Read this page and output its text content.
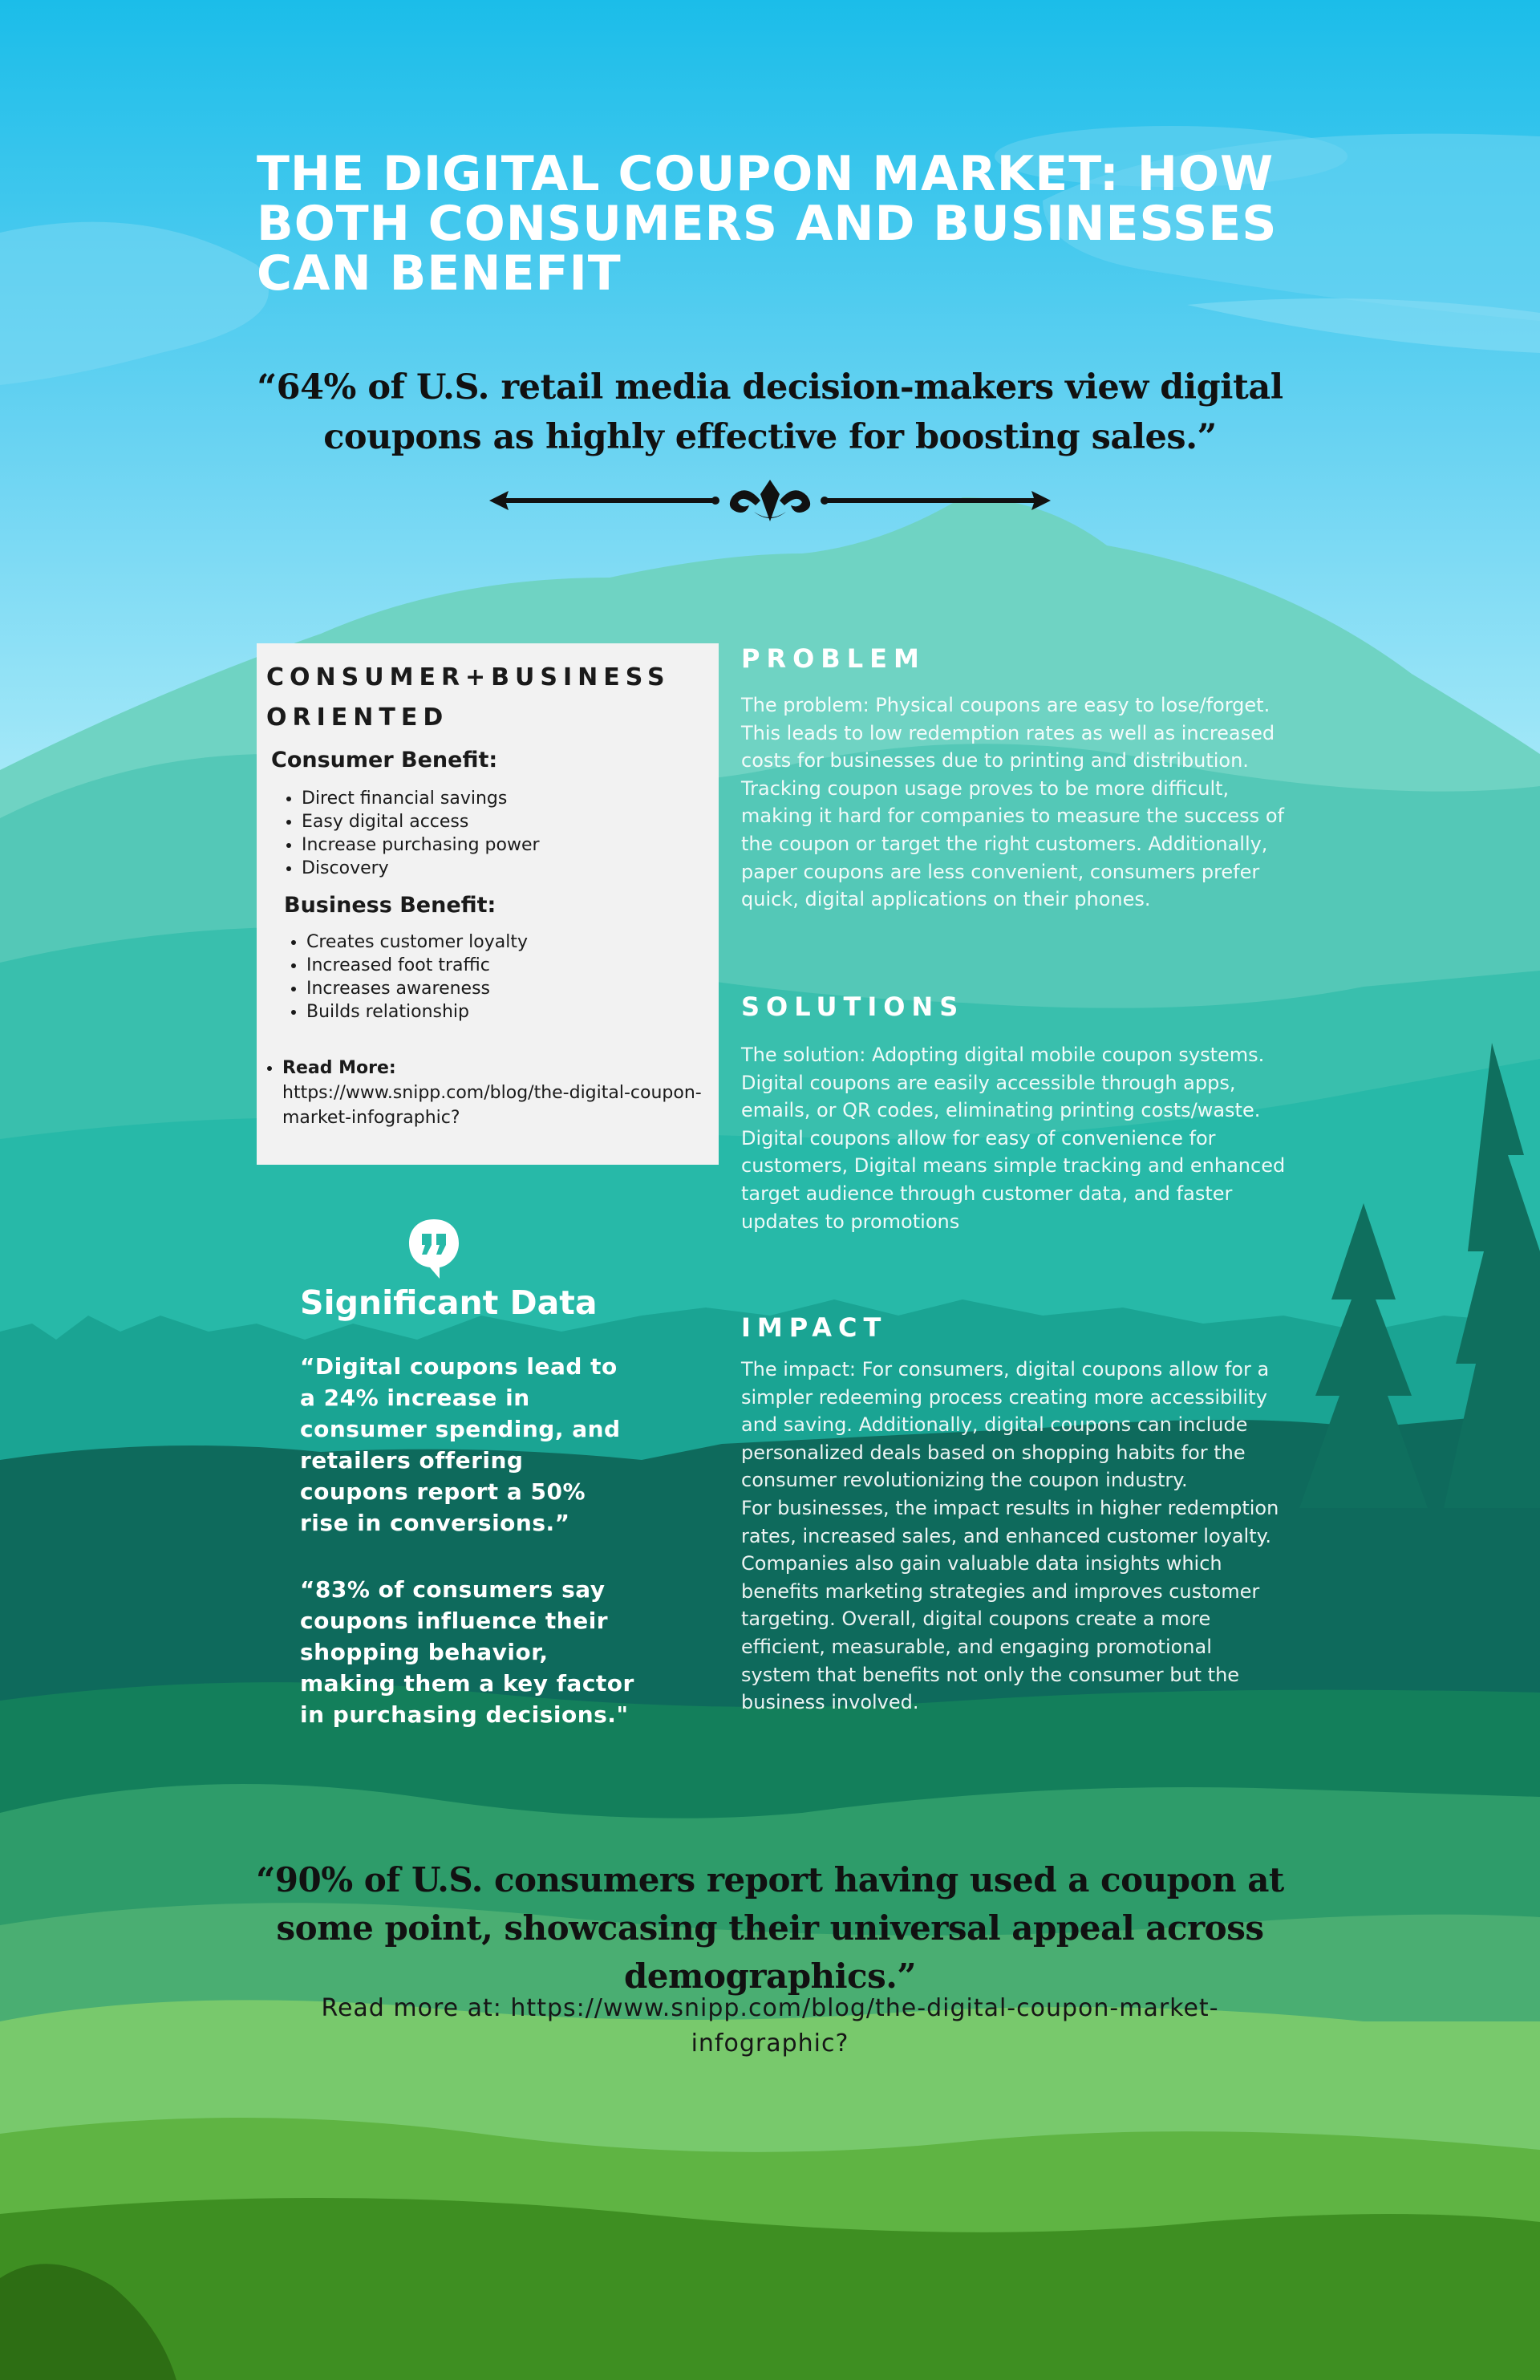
THE DIGITAL COUPON MARKET: HOW
BOTH CONSUMERS AND BUSINESSES
CAN BENEFIT
“64% of U.S. retail media decision-makers view digital coupons as highly effective for boosting sales.”
CONSUMER+BUSINESS ORIENTED
Consumer Benefit:
• Direct financial savings
• Easy digital access
• Increase purchasing power
• Discovery
Business Benefit:
• Creates customer loyalty
• Increased foot traffic
• Increases awareness
• Builds relationship
• Read More:
https://www.snipp.com/blog/the-digital-coupon-market-infographic?
Significant Data
“Digital coupons lead to a 24% increase in consumer spending, and retailers offering coupons report a 50% rise in conversions.”
“83% of consumers say coupons influence their shopping behavior, making them a key factor in purchasing decisions."
PROBLEM
The problem: Physical coupons are easy to lose/forget. This leads to low redemption rates as well as increased costs for businesses due to printing and distribution. Tracking coupon usage proves to be more difficult, making it hard for companies to measure the success of the coupon or target the right customers. Additionally, paper coupons are less convenient, consumers prefer quick, digital applications on their phones.
SOLUTIONS
The solution: Adopting digital mobile coupon systems. Digital coupons are easily accessible through apps, emails, or QR codes, eliminating printing costs/waste. Digital coupons allow for easy of convenience for customers, Digital means simple tracking and enhanced target audience through customer data, and faster updates to promotions
IMPACT

The impact: For consumers, digital coupons allow for a simpler redeeming process creating more accessibility and saving. Additionally, digital coupons can include personalized deals based on shopping habits for the consumer revolutionizing the coupon industry.

For businesses, the impact results in higher redemption rates, increased sales, and enhanced customer loyalty. Companies also gain valuable data insights which benefits marketing strategies and improves customer targeting. Overall, digital coupons create a more efficient, measurable, and engaging promotional system that benefits not only the consumer but the business involved.

“90% of U.S. consumers report having used a coupon at some point, showcasing their universal appeal across demographics.”
Read more at: https://www.snipp.com/blog/the-digital-coupon-market-infographic?
